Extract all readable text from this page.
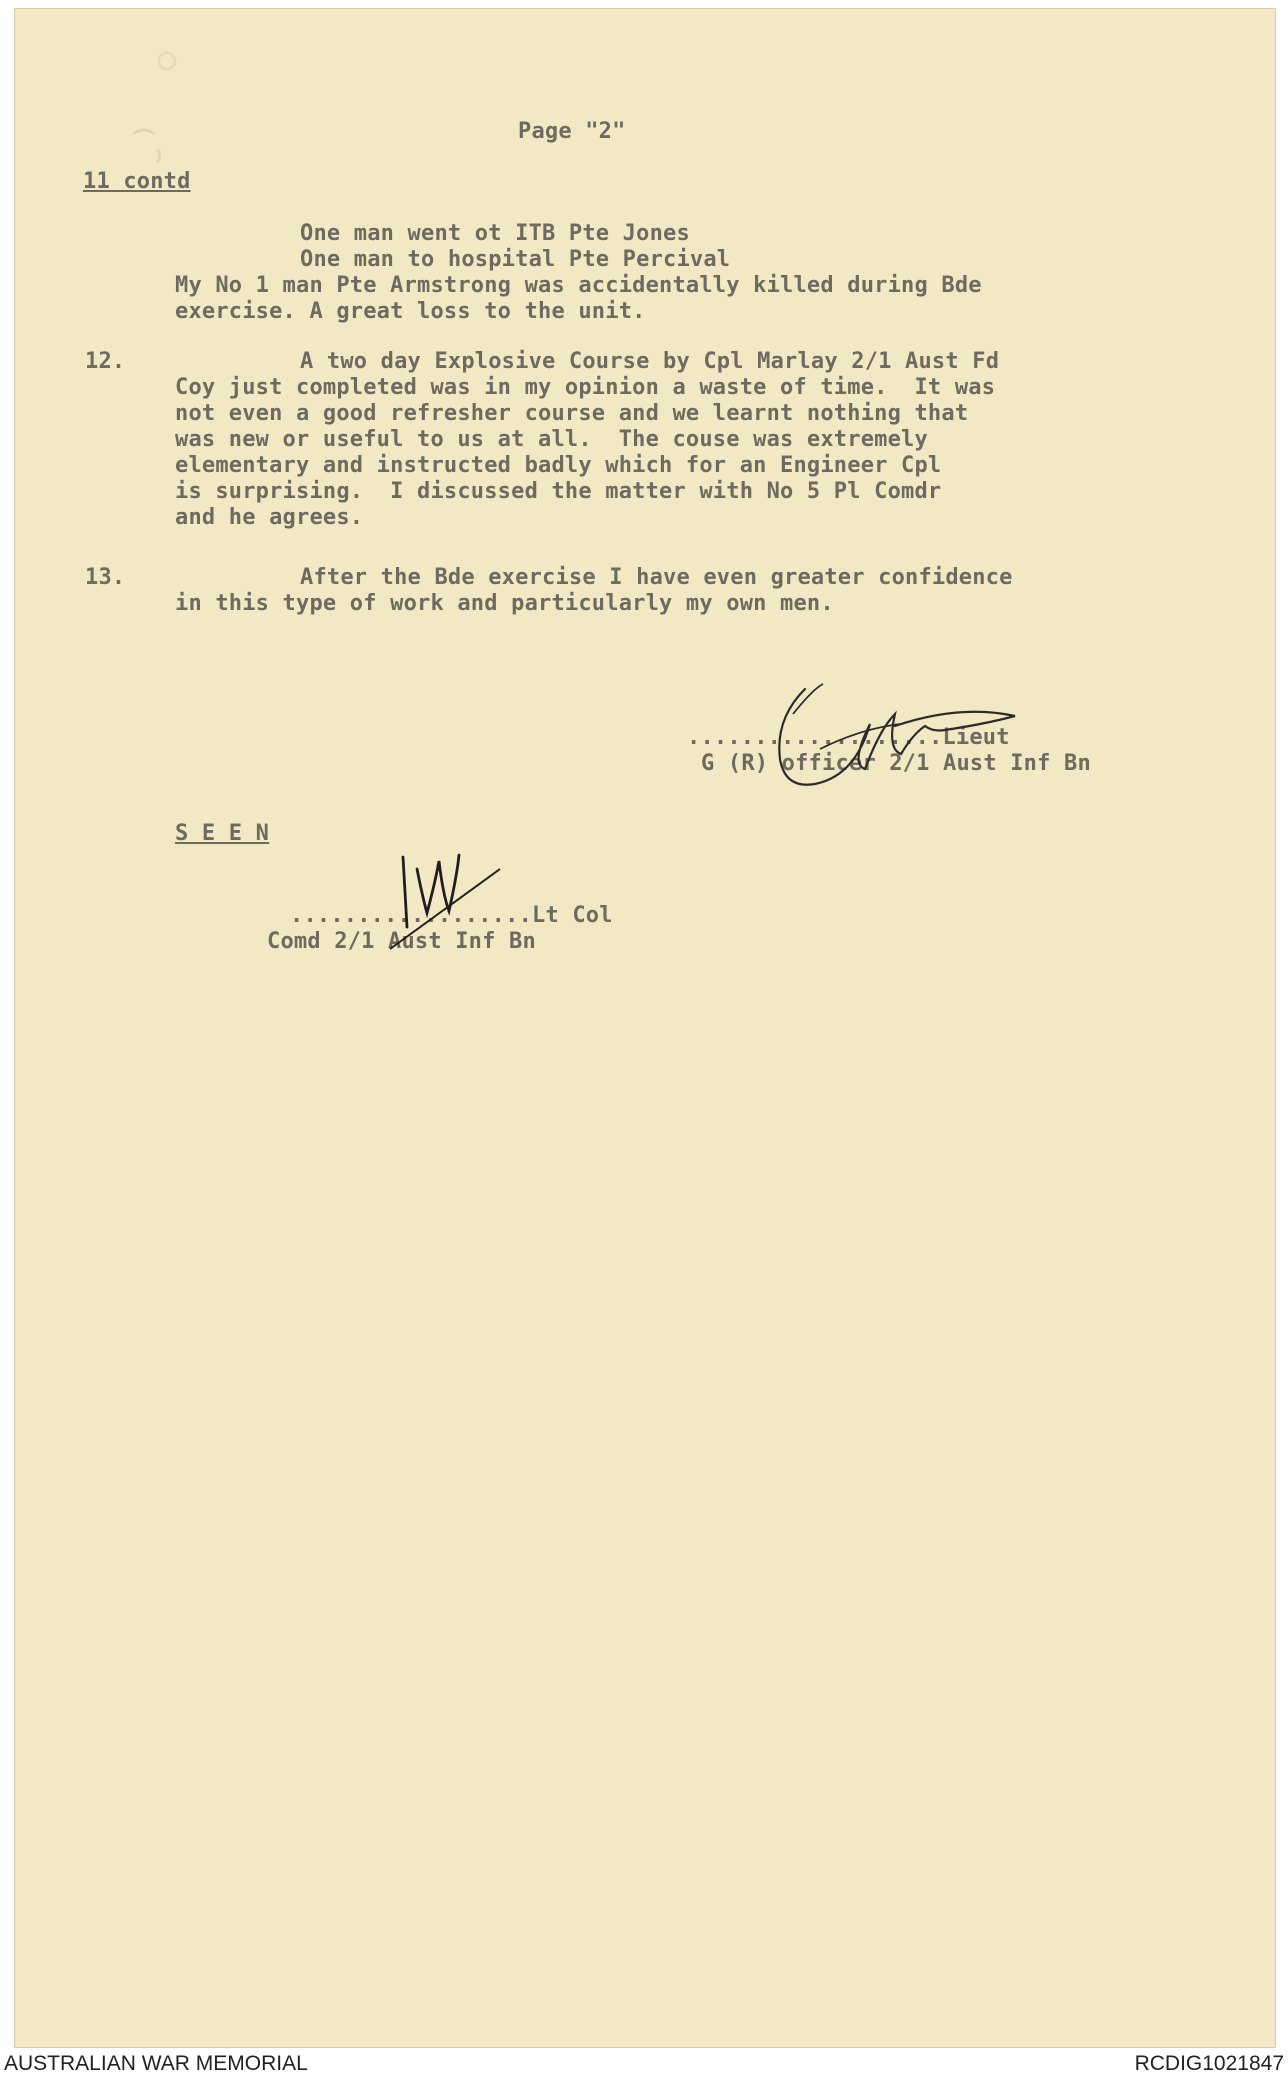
Page "2"
11 contd
One man went ot ITB Pte Jones
One man to hospital Pte Percival
My No 1 man Pte Armstrong was accidentally killed during Bde
exercise. A great loss to the unit.
12.	A two day Explosive Course by Cpl Marlay 2/1 Aust Fd
Coy just completed was in my opinion a waste of time.  It was
not even a good refresher course and we learnt nothing that
was new or useful to us at all.  The couse was extremely
elementary and instructed badly which for an Engineer Cpl
is surprising.  I discussed the matter with No 5 Pl Comdr
and he agrees.
13.	After the Bde exercise I have even greater confidence
in this type of work and particularly my own men.
...................Lieut
G (R) officer 2/1 Aust Inf Bn
S E E N
..................Lt Col
Comd 2/1 Aust Inf Bn
AUSTRALIAN WAR MEMORIAL	RCDIG1021847
